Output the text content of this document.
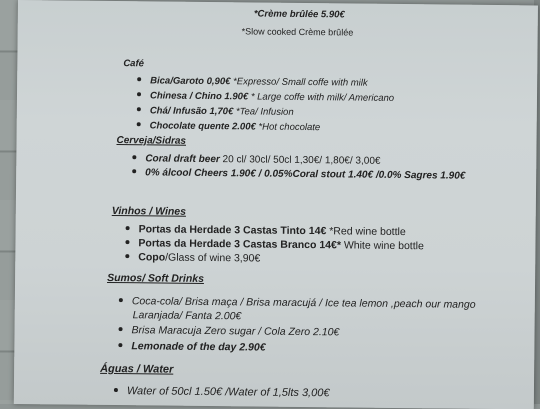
*Crème brûlée 5.90€
*Slow cooked Crème brûlée
Café
Bica/Garoto 0,90€ *Expresso/ Small coffe with milk
Chinesa / Chino 1.90€ * Large coffe with milk/ Americano
Chá/ Infusão 1,70€ *Tea/ Infusion
Chocolate quente 2.00€ *Hot chocolate
Cerveja/Sidras
Coral draft beer 20 cl/ 30cl/ 50cl 1,30€/ 1,80€/ 3,00€
0% álcool Cheers 1.90€ / 0.05%Coral stout 1.40€ /0.0% Sagres 1.90€
Vinhos / Wines
Portas da Herdade 3 Castas Tinto 14€ *Red wine bottle
Portas da Herdade 3 Castas Branco 14€* White wine bottle
Copo/Glass of wine 3,90€
Sumos/ Soft Drinks
Coca-cola/ Brisa maça / Brisa maracujá / Ice tea lemon ,peach our mango
Laranjada/ Fanta 2.00€
Brisa Maracuja Zero sugar / Cola Zero 2.10€
Lemonade of the day 2.90€
Águas / Water
Water of 50cl 1.50€ /Water of 1,5lts 3,00€
